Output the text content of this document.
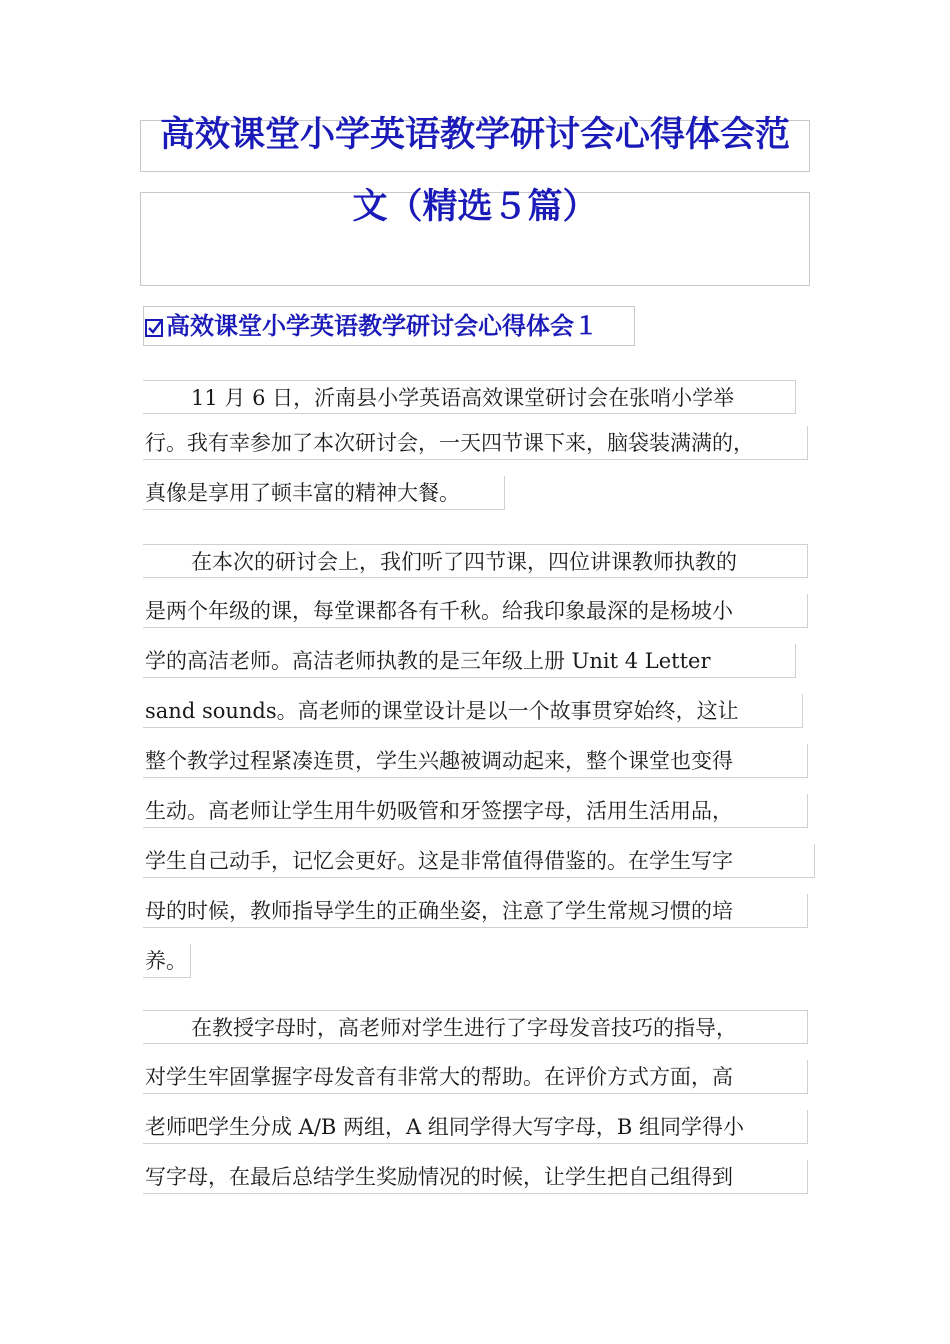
高效课堂小学英语教学研讨会心得体会范
文（精选５篇）
高效课堂小学英语教学研讨会心得体会１
11 月 6 日，沂南县小学英语高效课堂研讨会在张哨小学举
行。我有幸参加了本次研讨会，一天四节课下来，脑袋装满满的，
真像是享用了顿丰富的精神大餐。
在本次的研讨会上，我们听了四节课，四位讲课教师执教的
是两个年级的课，每堂课都各有千秋。给我印象最深的是杨坡小
学的高洁老师。高洁老师执教的是三年级上册 Unit 4 Letter
sand sounds。高老师的课堂设计是以一个故事贯穿始终，这让
整个教学过程紧凑连贯，学生兴趣被调动起来，整个课堂也变得
生动。高老师让学生用牛奶吸管和牙签摆字母，活用生活用品，
学生自己动手，记忆会更好。这是非常值得借鉴的。在学生写字
母的时候，教师指导学生的正确坐姿，注意了学生常规习惯的培
养。
在教授字母时，高老师对学生进行了字母发音技巧的指导，
对学生牢固掌握字母发音有非常大的帮助。在评价方式方面，高
老师吧学生分成 A/B 两组，A 组同学得大写字母，B 组同学得小
写字母，在最后总结学生奖励情况的时候，让学生把自己组得到
